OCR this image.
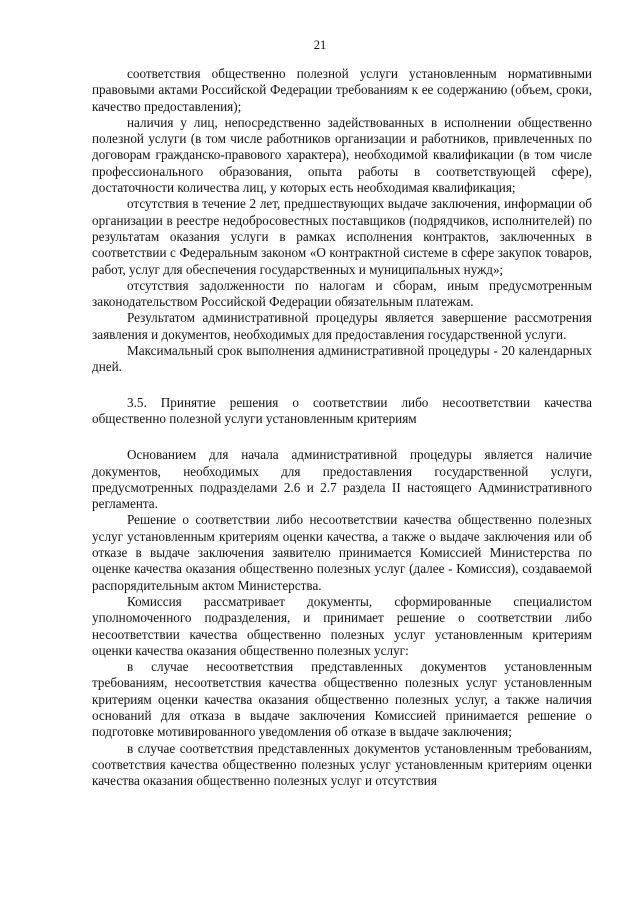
21

соответствия общественно полезной услуги установленным нормативными правовыми актами Российской Федерации требованиям к ее содержанию (объем, сроки, качество предоставления);

наличия у лиц, непосредственно задействованных в исполнении общественно полезной услуги (в том числе работников организации и работников, привлеченных по договорам гражданско-правового характера), необходимой квалификации (в том числе профессионального образования, опыта работы в соответствующей сфере), достаточности количества лиц, у которых есть необходимая квалификация;

отсутствия в течение 2 лет, предшествующих выдаче заключения, информации об организации в реестре недобросовестных поставщиков (подрядчиков, исполнителей) по результатам оказания услуги в рамках исполнения контрактов, заключенных в соответствии с Федеральным законом «О контрактной системе в сфере закупок товаров, работ, услуг для обеспечения государственных и муниципальных нужд»;

отсутствия задолженности по налогам и сборам, иным предусмотренным законодательством Российской Федерации обязательным платежам.

Результатом административной процедуры является завершение рассмотрения заявления и документов, необходимых для предоставления государственной услуги.

Максимальный срок выполнения административной процедуры - 20 календарных дней.

3.5. Принятие решения о соответствии либо несоответствии качества общественно полезной услуги установленным критериям

Основанием для начала административной процедуры является наличие документов, необходимых для предоставления государственной услуги, предусмотренных подразделами 2.6 и 2.7 раздела II настоящего Административного регламента.

Решение о соответствии либо несоответствии качества общественно полезных услуг установленным критериям оценки качества, а также о выдаче заключения или об отказе в выдаче заключения заявителю принимается Комиссией Министерства по оценке качества оказания общественно полезных услуг (далее - Комиссия), создаваемой распорядительным актом Министерства.

Комиссия рассматривает документы, сформированные специалистом уполномоченного подразделения, и принимает решение о соответствии либо несоответствии качества общественно полезных услуг установленным критериям оценки качества оказания общественно полезных услуг:

в случае несоответствия представленных документов установленным требованиям, несоответствия качества общественно полезных услуг установленным критериям оценки качества оказания общественно полезных услуг, а также наличия оснований для отказа в выдаче заключения Комиссией принимается решение о подготовке мотивированного уведомления об отказе в выдаче заключения;

в случае соответствия представленных документов установленным требованиям, соответствия качества общественно полезных услуг установленным критериям оценки качества оказания общественно полезных услуг и отсутствия
